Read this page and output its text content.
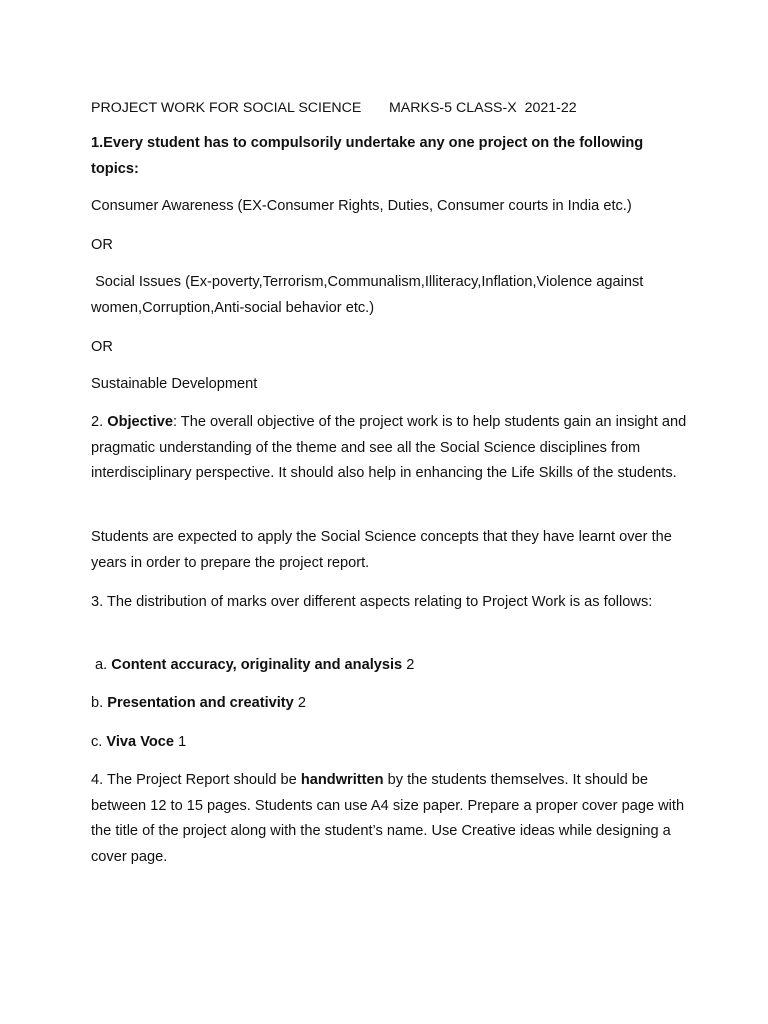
PROJECT WORK FOR SOCIAL SCIENCE MARKS-5 CLASS-X 2021-22

1.Every student has to compulsorily undertake any one project on the following topics:

Consumer Awareness (EX-Consumer Rights, Duties, Consumer courts in India etc.)

OR

Social Issues (Ex-poverty,Terrorism,Communalism,Illiteracy,Inflation,Violence against women,Corruption,Anti-social behavior etc.)

OR

Sustainable Development

2. Objective: The overall objective of the project work is to help students gain an insight and pragmatic understanding of the theme and see all the Social Science disciplines from interdisciplinary perspective. It should also help in enhancing the Life Skills of the students.

Students are expected to apply the Social Science concepts that they have learnt over the years in order to prepare the project report.

3. The distribution of marks over different aspects relating to Project Work is as follows:

a. Content accuracy, originality and analysis 2

b. Presentation and creativity 2

c. Viva Voce 1

4. The Project Report should be handwritten by the students themselves. It should be between 12 to 15 pages. Students can use A4 size paper. Prepare a proper cover page with the title of the project along with the student’s name. Use Creative ideas while designing a cover page.
